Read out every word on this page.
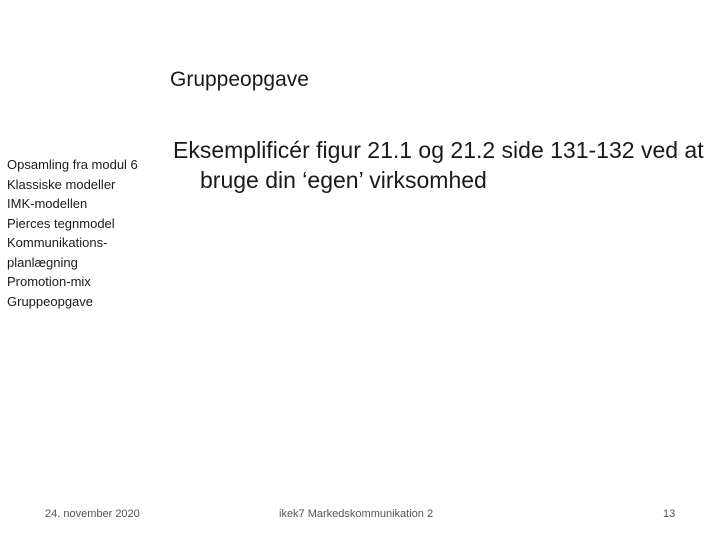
Gruppeopgave
Opsamling fra modul 6
Klassiske modeller
IMK-modellen
Pierces tegnmodel
Kommunikations-
planlægning
Promotion-mix
Gruppeopgave
Eksemplificér figur 21.1 og 21.2 side 131-132 ved at
bruge din ‘egen’ virksomhed
24. november 2020	ikek7 Markedskommunikation 2	13
